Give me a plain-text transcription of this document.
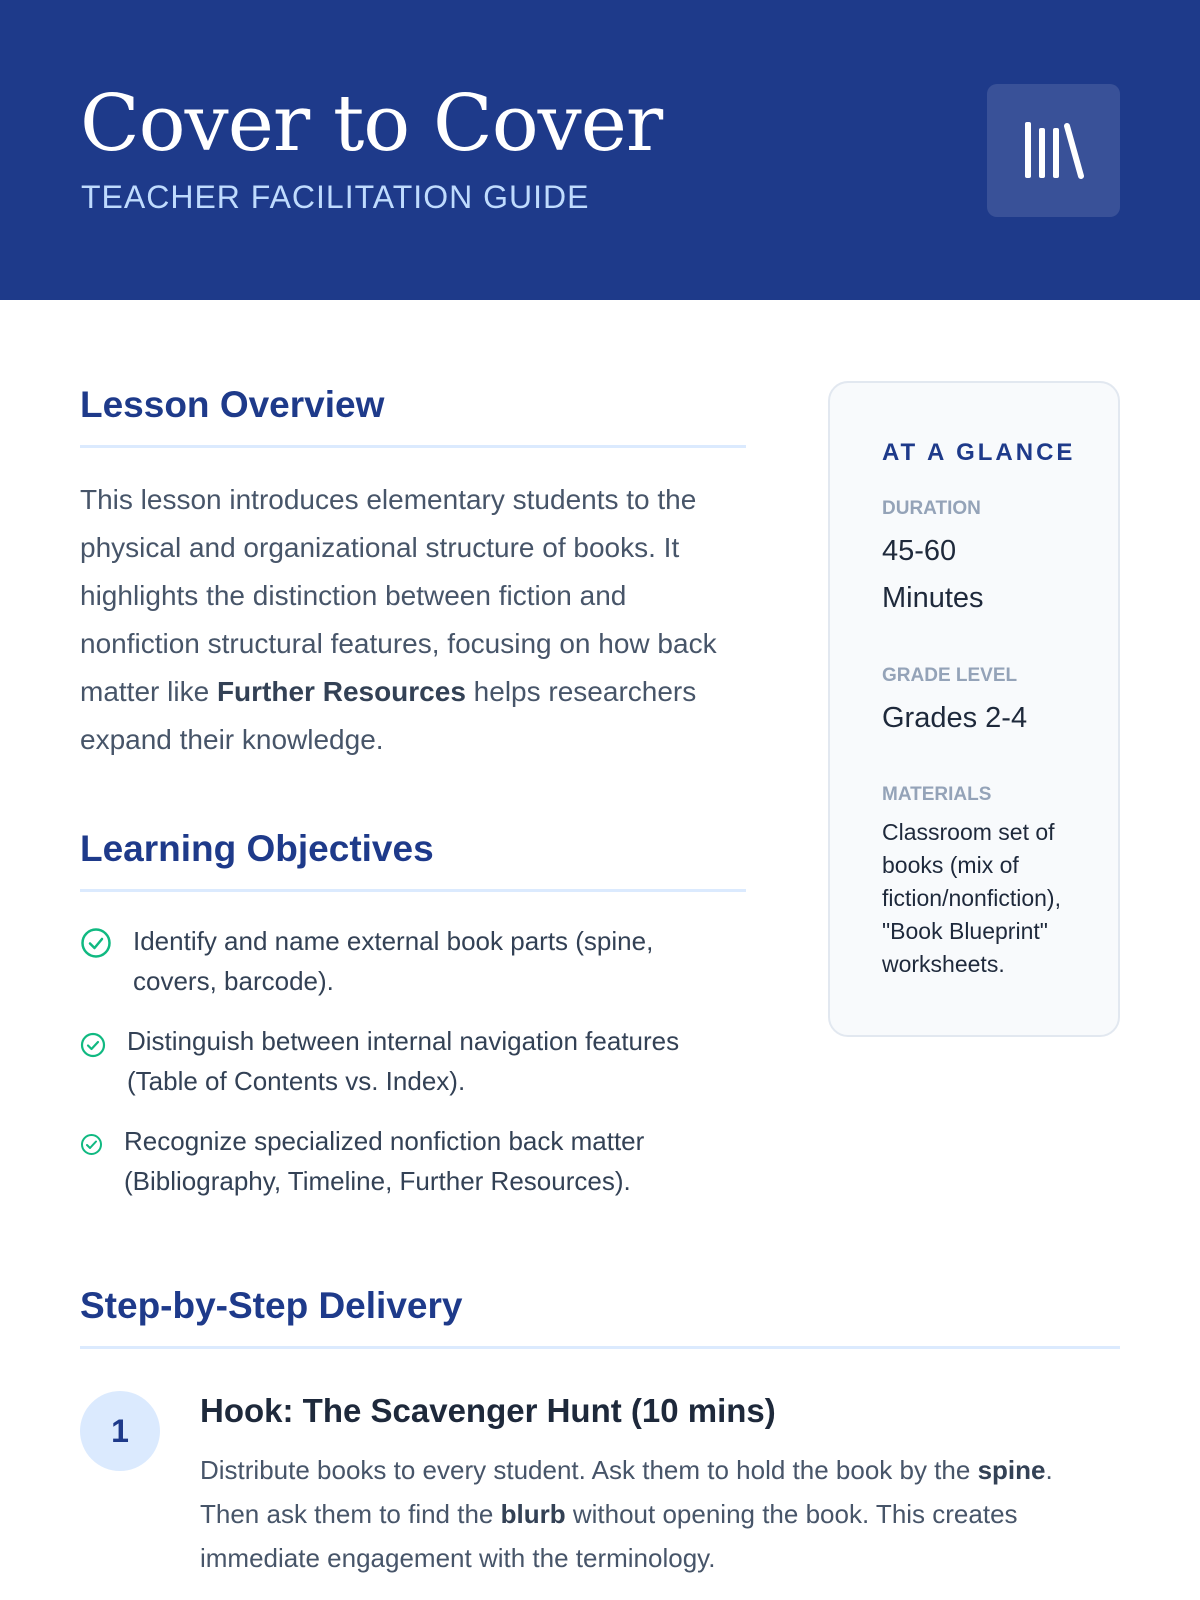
Cover to Cover
TEACHER FACILITATION GUIDE
Lesson Overview

This lesson introduces elementary students to the physical and organizational structure of books. It highlights the distinction between fiction and nonfiction structural features, focusing on how back matter like Further Resources helps researchers expand their knowledge.

Learning Objectives
Identify and name external book parts (spine, covers, barcode).
Distinguish between internal navigation features (Table of Contents vs. Index).
Recognize specialized nonfiction back matter (Bibliography, Timeline, Further Resources).
AT A GLANCE
DURATION
45-60 Minutes
GRADE LEVEL
Grades 2-4
MATERIALS
Classroom set of books (mix of fiction/nonfiction), "Book Blueprint" worksheets.
Step-by-Step Delivery
1
Hook: The Scavenger Hunt (10 mins)

Distribute books to every student. Ask them to hold the book by the spine. Then ask them to find the blurb without opening the book. This creates immediate engagement with the terminology.
